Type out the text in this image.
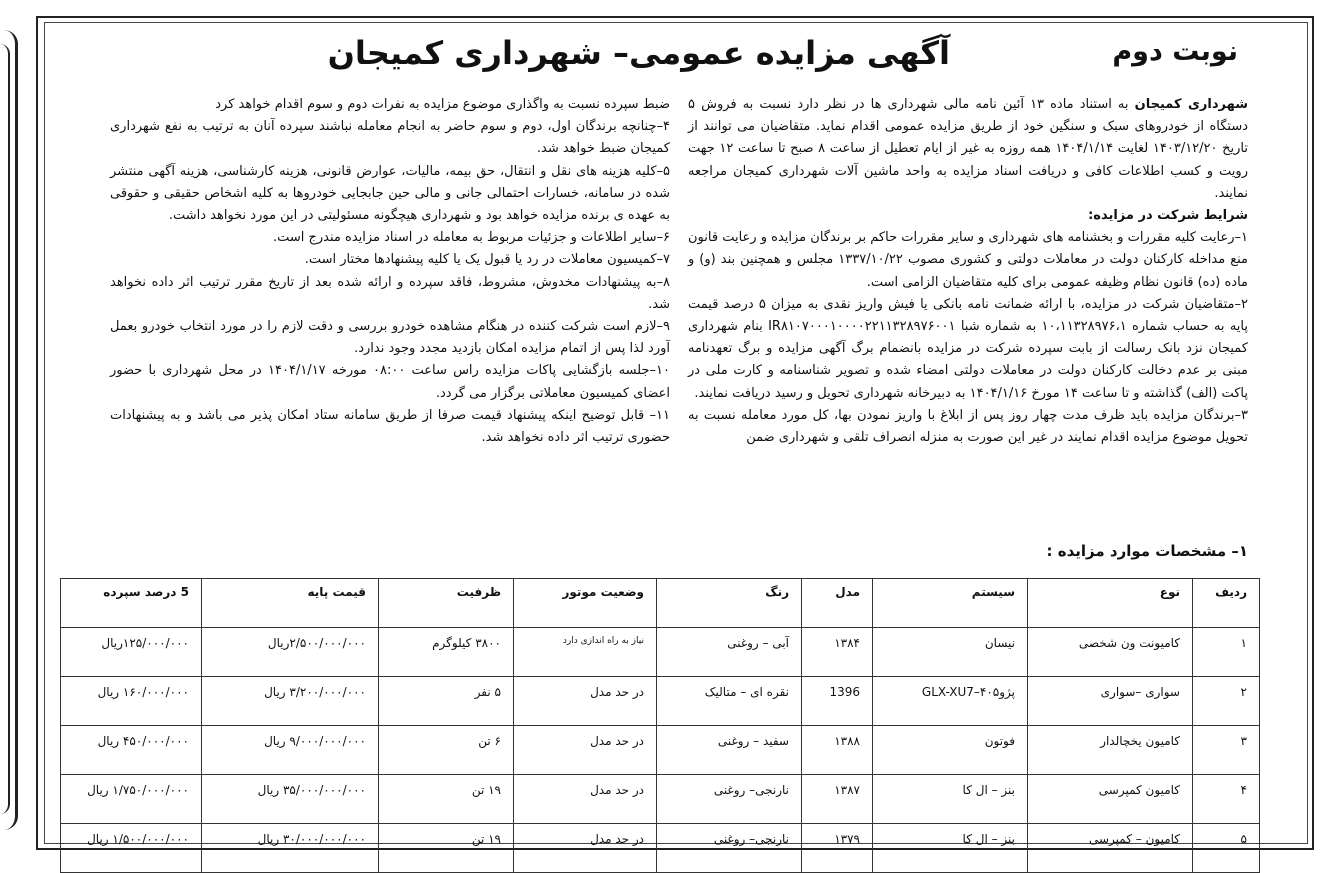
نوبت دوم
آگهی مزایده عمومی– شهرداری کمیجان

شهرداری کمیجان به استناد ماده ۱۳ آئین نامه مالی شهرداری ها در نظر دارد نسبت به فروش ۵ دستگاه از خودروهای سبک و سنگین خود از طریق مزایده عمومی اقدام نماید. متقاضیان می توانند از تاریخ ۱۴۰۳/۱۲/۲۰ لغایت ۱۴۰۴/۱/۱۴ همه روزه به غیر از ایام تعطیل از ساعت ۸ صبح تا ساعت ۱۲ جهت رویت و کسب اطلاعات کافی و دریافت اسناد مزایده به واحد ماشین آلات شهرداری کمیجان مراجعه نمایند.

شرایط شرکت در مزایده:

۱–رعایت کلیه مقررات و بخشنامه های شهرداری و سایر مقررات حاکم بر برندگان مزایده و رعایت قانون منع مداخله کارکنان دولت در معاملات دولتی و کشوری مصوب ۱۳۳۷/۱۰/۲۲ مجلس و همچنین بند (و) و ماده (ده) قانون نظام وظیفه عمومی برای کلیه متقاضیان الزامی است.

۲–متقاضیان شرکت در مزایده، با ارائه ضمانت نامه بانکی یا فیش واریز نقدی به میزان ۵ درصد قیمت پایه به حساب شماره ۱۰،۱۱۳۲۸۹۷۶،۱ به شماره شبا IR۸۱۰۷۰۰۰۱۰۰۰۰۲۲۱۱۳۲۸۹۷۶۰۰۱ بنام شهرداری کمیجان نزد بانک رسالت از بابت سپرده شرکت در مزایده بانضمام برگ آگهی مزایده و برگ تعهدنامه مبنی بر عدم دخالت کارکنان دولت در معاملات دولتی امضاء شده و تصویر شناسنامه و کارت ملی در پاکت (الف) گذاشته و تا ساعت ۱۴ مورخ ۱۴۰۴/۱/۱۶ به دبیرخانه شهرداری تحویل و رسید دریافت نمایند.

۳–برندگان مزایده باید ظرف مدت چهار روز پس از ابلاغ با واریز نمودن بها، کل مورد معامله نسبت به تحویل موضوع مزایده اقدام نمایند در غیر این صورت به منزله انصراف تلقی و شهرداری ضمن

ضبط سپرده نسبت به واگذاری موضوع مزایده به نفرات دوم و سوم اقدام خواهد کرد

۴–چنانچه برندگان اول، دوم و سوم حاضر به انجام معامله نباشند سپرده آنان به ترتیب به نفع شهرداری کمیجان ضبط خواهد شد.

۵–کلیه هزینه های نقل و انتقال، حق بیمه، مالیات، عوارض قانونی، هزینه کارشناسی، هزینه آگهی منتشر شده در سامانه، خسارات احتمالی جانی و مالی حین جابجایی خودروها به کلیه اشخاص حقیقی و حقوقی به عهده ی برنده مزایده خواهد بود و شهرداری هیچگونه مسئولیتی در این مورد نخواهد داشت.

۶–سایر اطلاعات و جزئیات مربوط به معامله در اسناد مزایده مندرج است.

۷–کمیسیون معاملات در رد یا قبول یک یا کلیه پیشنهادها مختار است.

۸–به پیشنهادات مخدوش، مشروط، فاقد سپرده و ارائه شده بعد از تاریخ مقرر ترتیب اثر داده نخواهد شد.

۹–لازم است شرکت کننده در هنگام مشاهده خودرو بررسی و دقت لازم را در مورد انتخاب خودرو بعمل آورد لذا پس از اتمام مزایده امکان بازدید مجدد وجود ندارد.

۱۰–جلسه بازگشایی پاکات مزایده راس ساعت ۰۸:۰۰ مورخه ۱۴۰۴/۱/۱۷ در محل شهرداری با حضور اعضای کمیسیون معاملاتی برگزار می گردد.

۱۱– قابل توضیح اینکه پیشنهاد قیمت صرفا از طریق سامانه ستاد امکان پذیر می باشد و به پیشنهادات حضوری ترتیب اثر داده نخواهد شد.

۱– مشخصات موارد مزایده :
ردیف	نوع	سیستم	مدل	رنگ	وضعیت موتور	ظرفیت	قیمت پایه	5 درصد سپرده
۱	کامیونت ون شخصی	نیسان	۱۳۸۴	آبی – روغنی	نیاز به راه اندازی دارد	۳۸۰۰ کیلوگرم	۲/۵۰۰/۰۰۰/۰۰۰ریال	۱۲۵/۰۰۰/۰۰۰ریال
۲	سواری –سواری	پژو۴۰۵–GLX-XU7	1396	نقره ای – متالیک	در حد مدل	۵ نفر	۳/۲۰۰/۰۰۰/۰۰۰ ریال	۱۶۰/۰۰۰/۰۰۰ ریال
۳	کامیون یخچالدار	فوتون	۱۳۸۸	سفید – روغنی	در حد مدل	۶ تن	۹/۰۰۰/۰۰۰/۰۰۰ ریال	۴۵۰/۰۰۰/۰۰۰ ریال
۴	کامیون کمپرسی	بنز – ال کا	۱۳۸۷	نارنجی– روغنی	در حد مدل	۱۹ تن	۳۵/۰۰۰/۰۰۰/۰۰۰ ریال	۱/۷۵۰/۰۰۰/۰۰۰ ریال
۵	کامیون – کمپرسی	بنز – ال کا	۱۳۷۹	نارنجی– روغنی	در حد مدل	۱۹ تن	۳۰/۰۰۰/۰۰۰/۰۰۰ ریال	۱/۵۰۰/۰۰۰/۰۰۰ ریال
